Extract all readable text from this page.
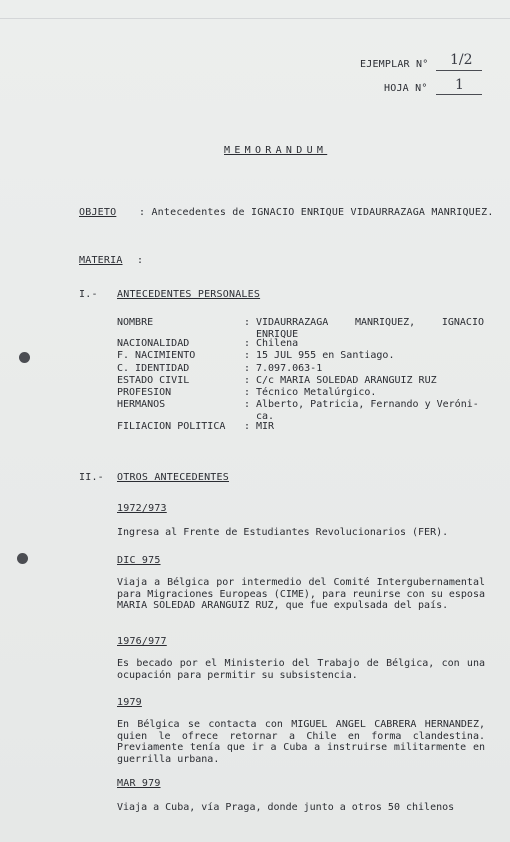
EJEMPLAR N° 1/2
HOJA N° 1
MEMORANDUM
OBJETO : Antecedentes de IGNACIO ENRIQUE VIDAURRAZAGA MANRIQUEZ.
MATERIA :
I.- ANTECEDENTES PERSONALES
NOMBRE	: VIDAURRAZAGA MANRIQUEZ, IGNACIO ENRIQUE
NACIONALIDAD	: Chilena
F. NACIMIENTO	: 15 JUL 955 en Santiago.
C. IDENTIDAD	: 7.097.063-1
ESTADO CIVIL	: C/c MARIA SOLEDAD ARANGUIZ RUZ
PROFESION	: Técnico Metalúrgico.
HERMANOS	: Alberto, Patricia, Fernando y Veróni-ca.
FILIACION POLITICA : MIR
II.- OTROS ANTECEDENTES
1972/973
Ingresa al Frente de Estudiantes Revolucionarios (FER).
DIC 975
Viaja a Bélgica por intermedio del Comité Intergubernamental para Migraciones Europeas (CIME), para reunirse con su esposa MARIA SOLEDAD ARANGUIZ RUZ, que fue expulsada del país.
1976/977
Es becado por el Ministerio del Trabajo de Bélgica, con una ocupación para permitir su subsistencia.
1979
En Bélgica se contacta con MIGUEL ANGEL CABRERA HERNANDEZ, quien le ofrece retornar a Chile en forma clandestina. Previamente tenía que ir a Cuba a instruirse militarmente en guerrilla urbana.
MAR 979
Viaja a Cuba, vía Praga, donde junto a otros 50 chilenos
